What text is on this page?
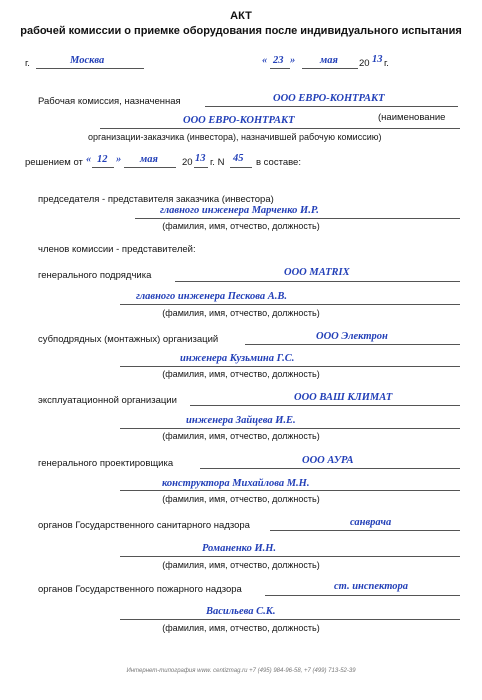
АКТ
рабочей комиссии о приемке оборудования после индивидуального испытания
г.	Москва	« 23 » мая 20 13 г.
Рабочая комиссия, назначенная	ООО ЕВРО-КОНТРАКТ
(наименование
ООО ЕВРО-КОНТРАКТ
организации-заказчика (инвестора), назначившей рабочую комиссию)
решением от « 12 » мая	20 13 г. N 45 в составе:
председателя - представителя заказчика (инвестора)
главного инженера Марченко И.Р.
(фамилия, имя, отчество, должность)
членов комиссии - представителей:
генерального подрядчика	ООО MATRIX
главного инженера Пескова А.В.
(фамилия, имя, отчество, должность)
субподрядных (монтажных) организаций	ООО Электрон
инженера Кузьмина Г.С.
(фамилия, имя, отчество, должность)
эксплуатационной организации	ООО ВАШ КЛИМАТ
инженера Зайцева И.Е.
(фамилия, имя, отчество, должность)
генерального проектировщика	ООО АУРА
конструктора Михайлова М.Н.
(фамилия, имя, отчество, должность)
органов Государственного санитарного надзора	санврача
Романенко И.Н.
(фамилия, имя, отчество, должность)
органов Государственного пожарного надзора	ст. инспектора
Васильева С.К.
(фамилия, имя, отчество, должность)
Интернет-типография www. centizmag.ru +7 (495) 984-96-58, +7 (499) 713-52-39
